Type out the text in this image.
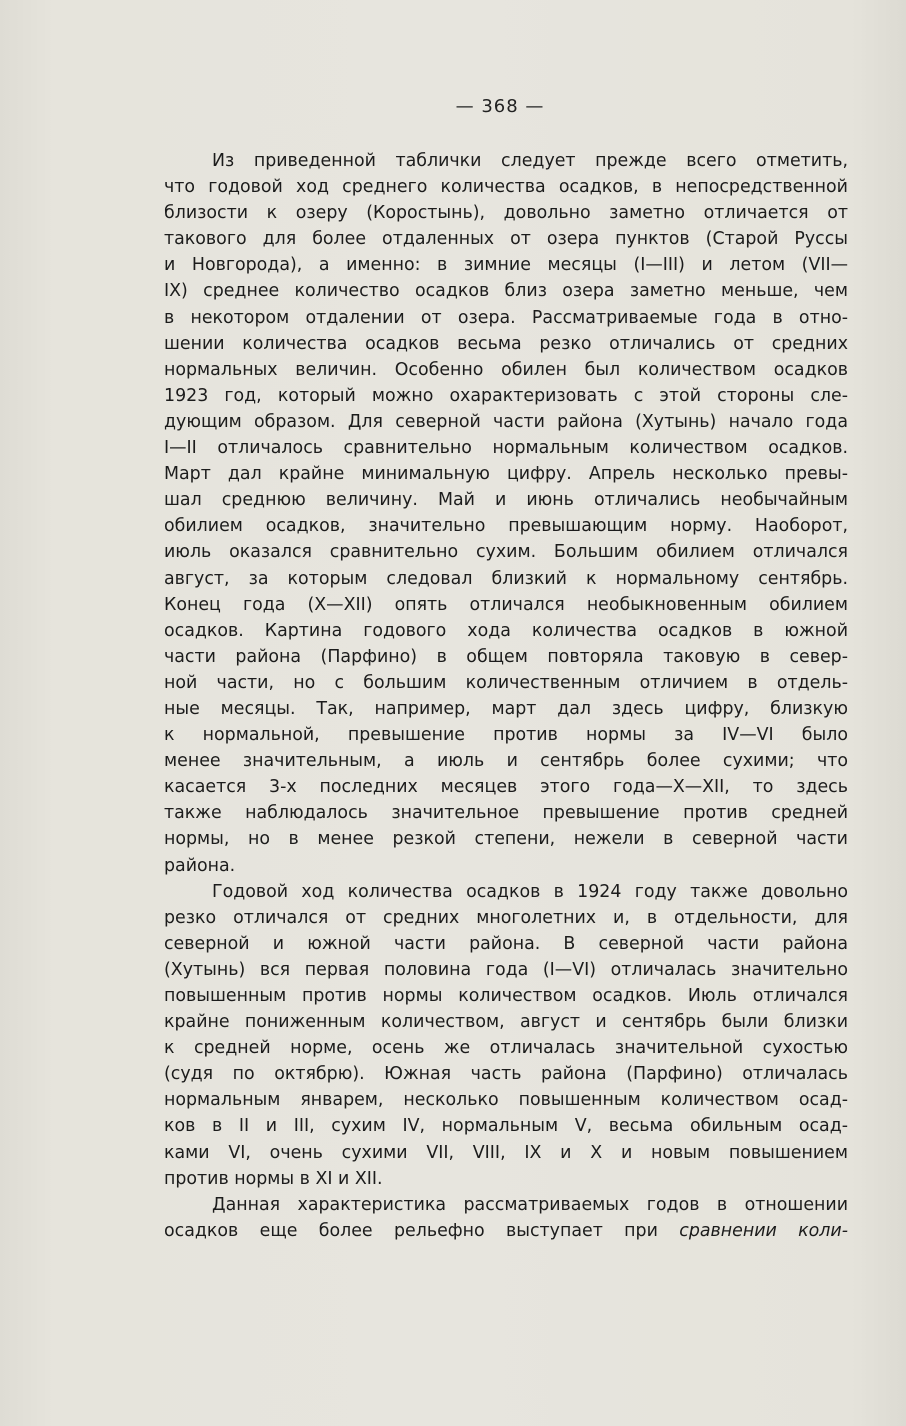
— 368 —
Из приведенной таблички следует прежде всего отметить,
что годовой ход среднего количества осадков, в непосредственной
близости к озеру (Коростынь), довольно заметно отличается от
такового для более отдаленных от озера пунктов (Старой Руссы
и Новгорода), а именно: в зимние месяцы (I—III) и летом (VII—
IX) среднее количество осадков близ озера заметно меньше, чем
в некотором отдалении от озера. Рассматриваемые года в отно-
шении количества осадков весьма резко отличались от средних
нормальных величин. Особенно обилен был количеством осадков
1923 год, который можно охарактеризовать с этой стороны сле-
дующим образом. Для северной части района (Хутынь) начало года
I—II отличалось сравнительно нормальным количеством осадков.
Март дал крайне минимальную цифру. Апрель несколько превы-
шал среднюю величину. Май и июнь отличались необычайным
обилием осадков, значительно превышающим норму. Наоборот,
июль оказался сравнительно сухим. Большим обилием отличался
август, за которым следовал близкий к нормальному сентябрь.
Конец года (X—XII) опять отличался необыкновенным обилием
осадков. Картина годового хода количества осадков в южной
части района (Парфино) в общем повторяла таковую в север-
ной части, но с большим количественным отличием в отдель-
ные месяцы. Так, например, март дал здесь цифру, близкую
к нормальной, превышение против нормы за IV—VI было
менее значительным, а июль и сентябрь более сухими; что
касается 3-х последних месяцев этого года—X—XII, то здесь
также наблюдалось значительное превышение против средней
нормы, но в менее резкой степени, нежели в северной части
района.
Годовой ход количества осадков в 1924 году также довольно
резко отличался от средних многолетних и, в отдельности, для
северной и южной части района. В северной части района
(Хутынь) вся первая половина года (I—VI) отличалась значительно
повышенным против нормы количеством осадков. Июль отличался
крайне пониженным количеством, август и сентябрь были близки
к средней норме, осень же отличалась значительной сухостью
(судя по октябрю). Южная часть района (Парфино) отличалась
нормальным январем, несколько повышенным количеством осад-
ков в II и III, сухим IV, нормальным V, весьма обильным осад-
ками VI, очень сухими VII, VIII, IX и X и новым повышением
против нормы в XI и XII.
Данная характеристика рассматриваемых годов в отношении
осадков еще более рельефно выступает при сравнении коли-
